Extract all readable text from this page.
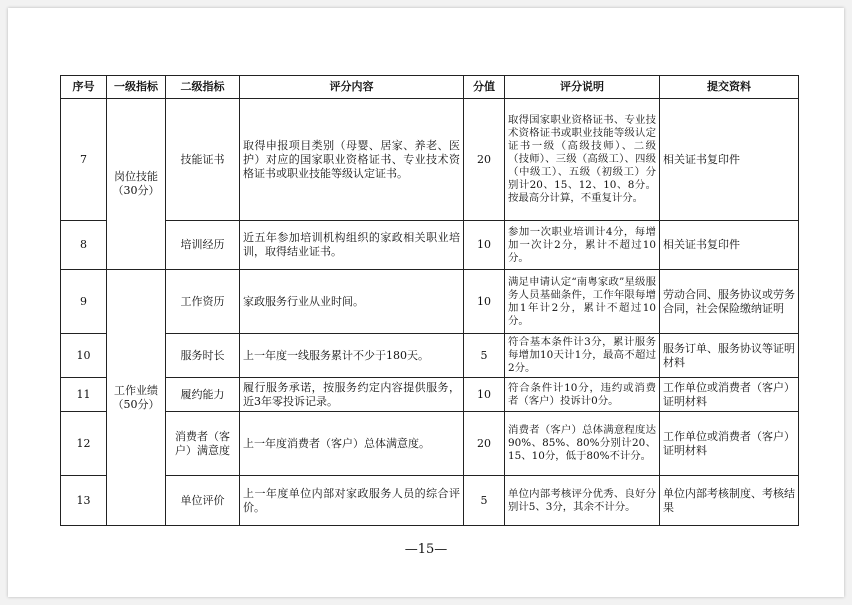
序号	一级指标	二级指标	评分内容	分值	评分说明	提交资料
7	岗位技能（30分）	技能证书	取得申报项目类别（母婴、居家、养老、医护）对应的国家职业资格证书、专业技术资格证书或职业技能等级认定证书。	20	取得国家职业资格证书、专业技术资格证书或职业技能等级认定证书一级（高级技师）、二级（技师）、三级（高级工）、四级（中级工）、五级（初级工）分别计20、15、12、10、8分。按最高分计算，不重复计分。	相关证书复印件
8		培训经历	近五年参加培训机构组织的家政相关职业培训，取得结业证书。	10	参加一次职业培训计4分，每增加一次计2分，累计不超过10分。	相关证书复印件
9	工作业绩（50分）	工作资历	家政服务行业从业时间。	10	满足申请认定“南粤家政”星级服务人员基础条件，工作年限每增加1年计2分，累计不超过10分。	劳动合同、服务协议或劳务合同，社会保险缴纳证明
10		服务时长	上一年度一线服务累计不少于180天。	5	符合基本条件计3分，累计服务每增加10天计1分，最高不超过2分。	服务订单、服务协议等证明材料
11		履约能力	履行服务承诺，按服务约定内容提供服务，近3年零投诉记录。	10	符合条件计10分，违约或消费者（客户）投诉计0分。	工作单位或消费者（客户）证明材料
12		消费者（客户）满意度	上一年度消费者（客户）总体满意度。	20	消费者（客户）总体满意程度达90%、85%、80%分别计20、15、10分，低于80%不计分。	工作单位或消费者（客户）证明材料
13		单位评价	上一年度单位内部对家政服务人员的综合评价。	5	单位内部考核评分优秀、良好分别计5、3分，其余不计分。	单位内部考核制度、考核结果
—15—
